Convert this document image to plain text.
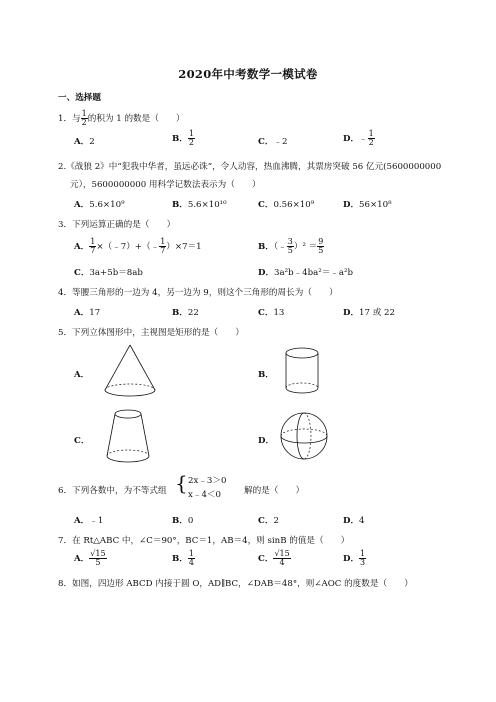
2020年中考数学一模试卷
一、选择题
1．与 $\frac{1}{2}$ 的积为 1 的数是（　　）
A．2	B． $\frac{1}{2}$	C．﹣2	D．﹣ $\frac{1}{2}$
2.《战狼 2》中“犯我中华者，虽远必诛”，令人动容，热血沸腾，其票房突破 56 亿元(5600000000
元），5600000000 用科学记数法表示为（　　）
A．5.6×10⁹	B．5.6×10¹⁰	C．0.56×10⁹	D．56×10⁸
3．下列运算正确的是（　　）
A． $\frac{1}{7}$ ×（﹣7）+（﹣ $\frac{1}{7} )\times 7=1$	B．（﹣ $\frac{3}{5} )^2 = \frac{9}{5}$
C．3a+5b＝8ab	D．3a²b﹣4ba²＝﹣a²b
4．等腰三角形的一边为 4，另一边为 9，则这个三角形的周长为（　　）
A．17	B．22	C．13	D．17 或 22
5．下列立体图形中，主视图是矩形的是（　　）
A．	B．
C．	D．
6．下列各数中，为不等式组 { 2x﹣3＞0
x﹣4＜0	解的是（　　）
A．﹣1	B．0	C．2	D．4
7．在 Rt△ABC 中，∠C＝90°，BC＝1，AB＝4，则 sinB 的值是（　　）
A． $\frac{√15}{5}$	B． $\frac{1}{4}$	C． $\frac{√15}{4}$	D． $\frac{1}{3}$
8．如图，四边形 ABCD 内接于圆 O，AD∥BC，∠DAB＝48°，则∠AOC 的度数是（　　）
